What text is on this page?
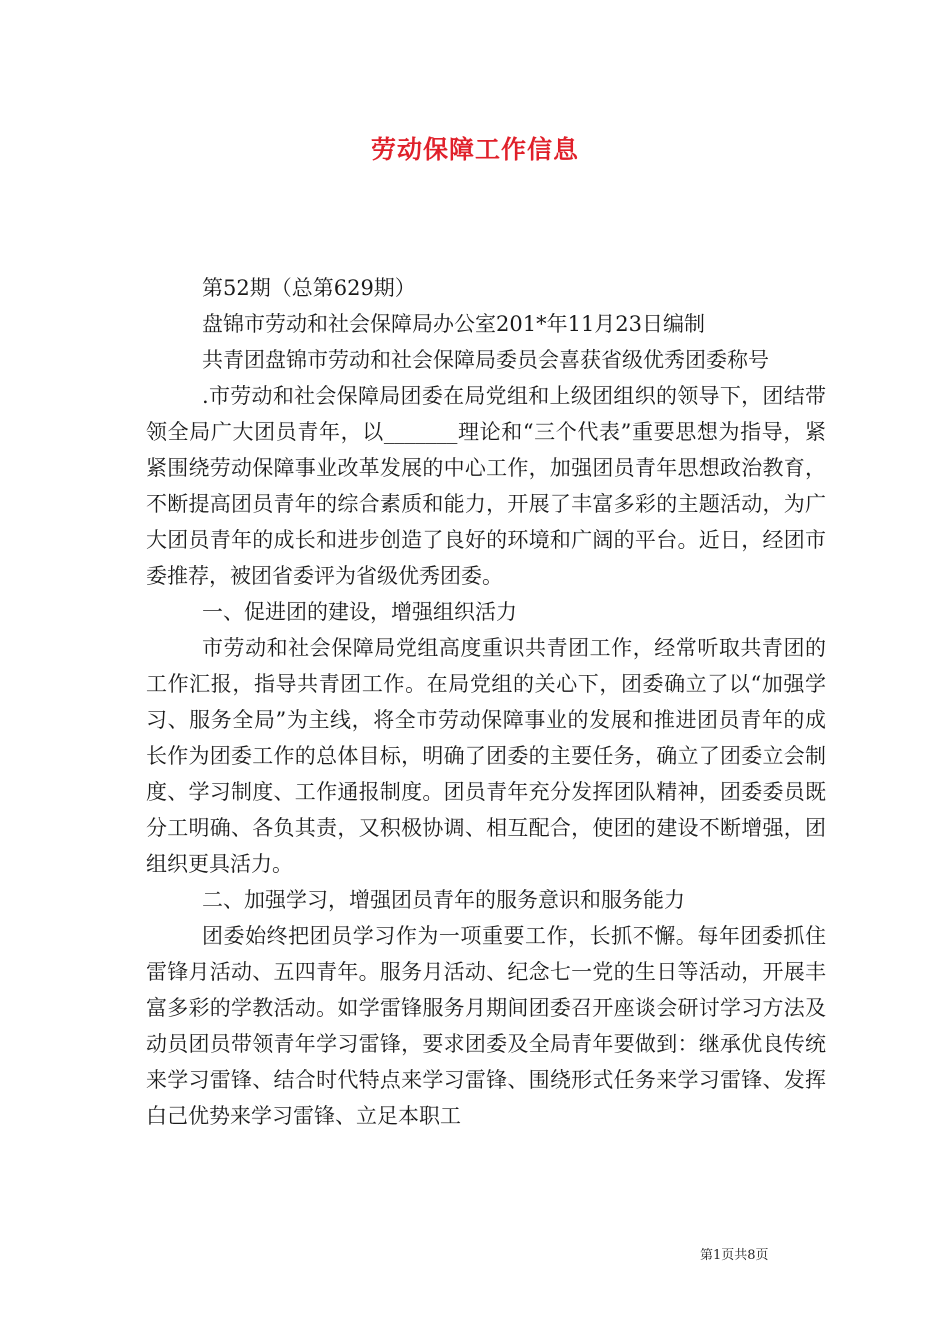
劳动保障工作信息

第52期（总第629期）

盘锦市劳动和社会保障局办公室201*年11月23日编制

共青团盘锦市劳动和社会保障局委员会喜获省级优秀团委称号

.市劳动和社会保障局团委在局党组和上级团组织的领导下，团结带领全局广大团员青年，以_______理论和“三个代表”重要思想为指导，紧紧围绕劳动保障事业改革发展的中心工作，加强团员青年思想政治教育，不断提高团员青年的综合素质和能力，开展了丰富多彩的主题活动，为广大团员青年的成长和进步创造了良好的环境和广阔的平台。近日，经团市委推荐，被团省委评为省级优秀团委。

一、促进团的建设，增强组织活力

市劳动和社会保障局党组高度重识共青团工作，经常听取共青团的工作汇报，指导共青团工作。在局党组的关心下，团委确立了以“加强学习、服务全局”为主线，将全市劳动保障事业的发展和推进团员青年的成长作为团委工作的总体目标，明确了团委的主要任务，确立了团委立会制度、学习制度、工作通报制度。团员青年充分发挥团队精神，团委委员既分工明确、各负其责，又积极协调、相互配合，使团的建设不断增强，团组织更具活力。

二、加强学习，增强团员青年的服务意识和服务能力

团委始终把团员学习作为一项重要工作，长抓不懈。每年团委抓住雷锋月活动、五四青年。服务月活动、纪念七一党的生日等活动，开展丰富多彩的学教活动。如学雷锋服务月期间团委召开座谈会研讨学习方法及动员团员带领青年学习雷锋，要求团委及全局青年要做到：继承优良传统来学习雷锋、结合时代特点来学习雷锋、围绕形式任务来学习雷锋、发挥白己优势来学习雷锋、立足本职工

第1页共8页
